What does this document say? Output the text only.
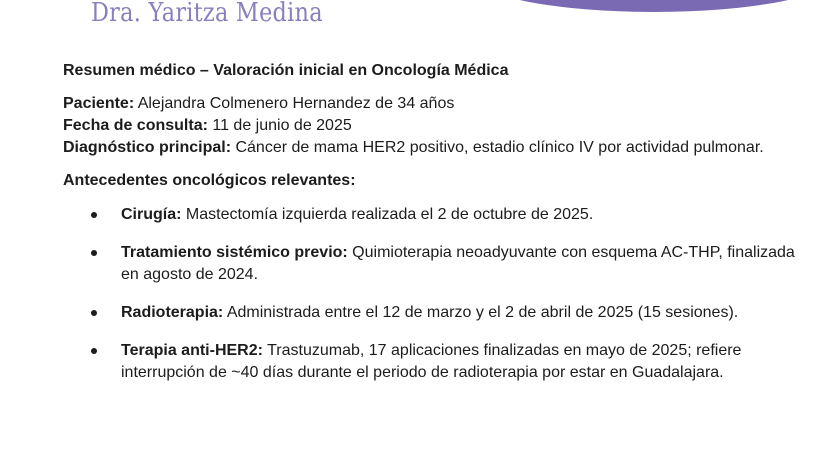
Dra. Yaritza Medina

Resumen médico – Valoración inicial en Oncología Médica

Paciente: Alejandra Colmenero Hernandez de 34 años

Fecha de consulta: 11 de junio de 2025

Diagnóstico principal: Cáncer de mama HER2 positivo, estadio clínico IV por actividad pulmonar.

Antecedentes oncológicos relevantes:

Cirugía: Mastectomía izquierda realizada el 2 de octubre de 2025.
Tratamiento sistémico previo: Quimioterapia neoadyuvante con esquema AC-THP, finalizada en agosto de 2024.
Radioterapia: Administrada entre el 12 de marzo y el 2 de abril de 2025 (15 sesiones).
Terapia anti-HER2: Trastuzumab, 17 aplicaciones finalizadas en mayo de 2025; refiere interrupción de ~40 días durante el periodo de radioterapia por estar en Guadalajara.
